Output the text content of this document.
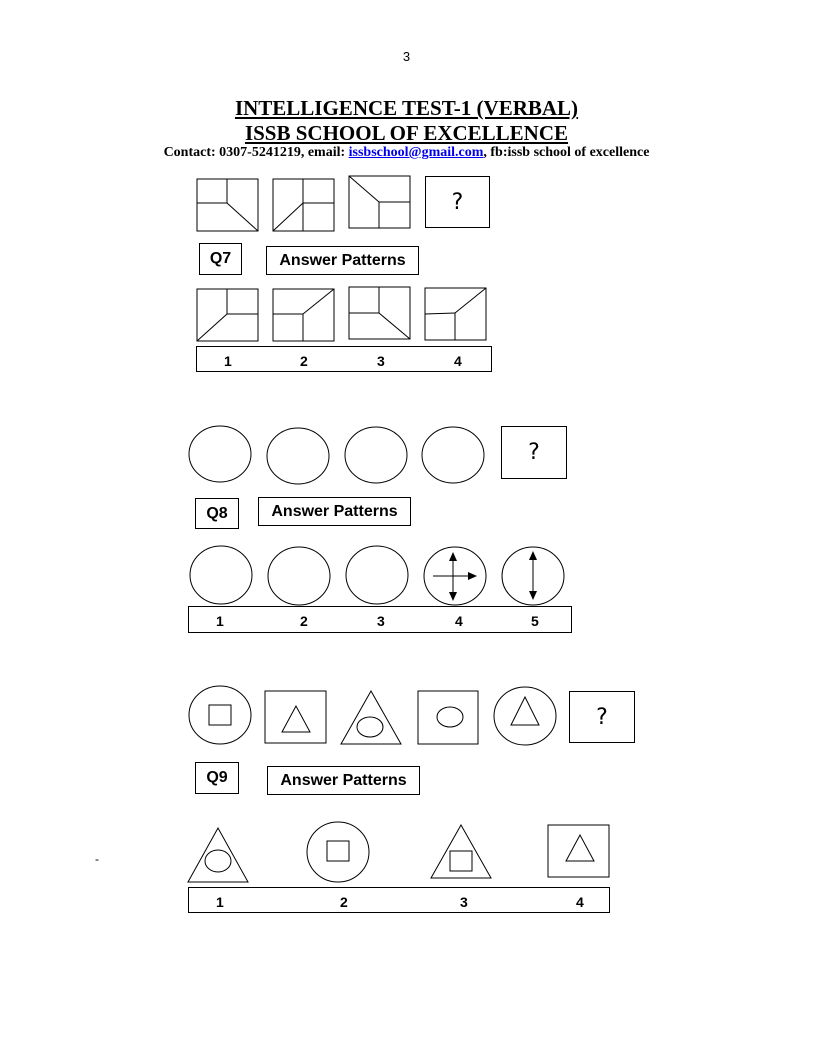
3
INTELLIGENCE TEST-1 (VERBAL)
ISSB SCHOOL OF EXCELLENCE
Contact: 0307-5241219, email: issbschool@gmail.com, fb:issb school of excellence
?
Q7	Answer Patterns
1	2	3	4
?
Q8	Answer Patterns
1	2	3	4	5
?
Q9	Answer Patterns
-
1	2	3	4
